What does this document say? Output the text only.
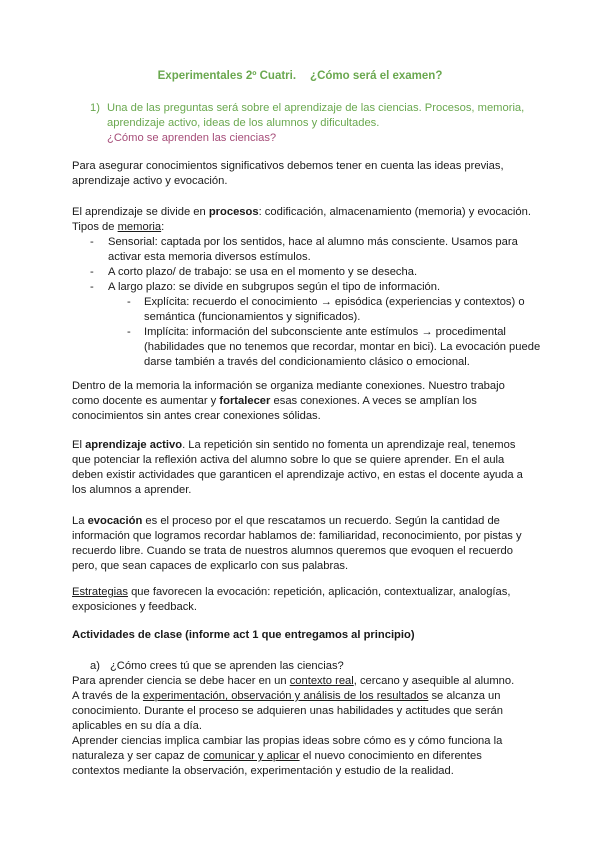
Experimentales 2º Cuatri. ¿Cómo será el examen?
1) Una de las preguntas será sobre el aprendizaje de las ciencias. Procesos, memoria, aprendizaje activo, ideas de los alumnos y dificultades.

¿Cómo se aprenden las ciencias?

Para asegurar conocimientos significativos debemos tener en cuenta las ideas previas, aprendizaje activo y evocación.

El aprendizaje se divide en procesos: codificación, almacenamiento (memoria) y evocación.

Tipos de memoria:

- Sensorial: captada por los sentidos, hace al alumno más consciente. Usamos para activar esta memoria diversos estímulos.
- A corto plazo/ de trabajo: se usa en el momento y se desecha.
- A largo plazo: se divide en subgrupos según el tipo de información.
- Explícita: recuerdo el conocimiento → episódica (experiencias y contextos) o semántica (funcionamientos y significados).
- Implícita: información del subconsciente ante estímulos → procedimental (habilidades que no tenemos que recordar, montar en bici). La evocación puede darse también a través del condicionamiento clásico o emocional.

Dentro de la memoria la información se organiza mediante conexiones. Nuestro trabajo como docente es aumentar y fortalecer esas conexiones. A veces se amplían los conocimientos sin antes crear conexiones sólidas.

El aprendizaje activo. La repetición sin sentido no fomenta un aprendizaje real, tenemos que potenciar la reflexión activa del alumno sobre lo que se quiere aprender. En el aula deben existir actividades que garanticen el aprendizaje activo, en estas el docente ayuda a los alumnos a aprender.

La evocación es el proceso por el que rescatamos un recuerdo. Según la cantidad de información que logramos recordar hablamos de: familiaridad, reconocimiento, por pistas y recuerdo libre. Cuando se trata de nuestros alumnos queremos que evoquen el recuerdo pero, que sean capaces de explicarlo con sus palabras.

Estrategias que favorecen la evocación: repetición, aplicación, contextualizar, analogías, exposiciones y feedback.

Actividades de clase (informe act 1 que entregamos al principio)
a) ¿Cómo crees tú que se aprenden las ciencias?

Para aprender ciencia se debe hacer en un contexto real, cercano y asequible al alumno.

A través de la experimentación, observación y análisis de los resultados se alcanza un conocimiento. Durante el proceso se adquieren unas habilidades y actitudes que serán aplicables en su día a día.

Aprender ciencias implica cambiar las propias ideas sobre cómo es y cómo funciona la naturaleza y ser capaz de comunicar y aplicar el nuevo conocimiento en diferentes contextos mediante la observación, experimentación y estudio de la realidad.
